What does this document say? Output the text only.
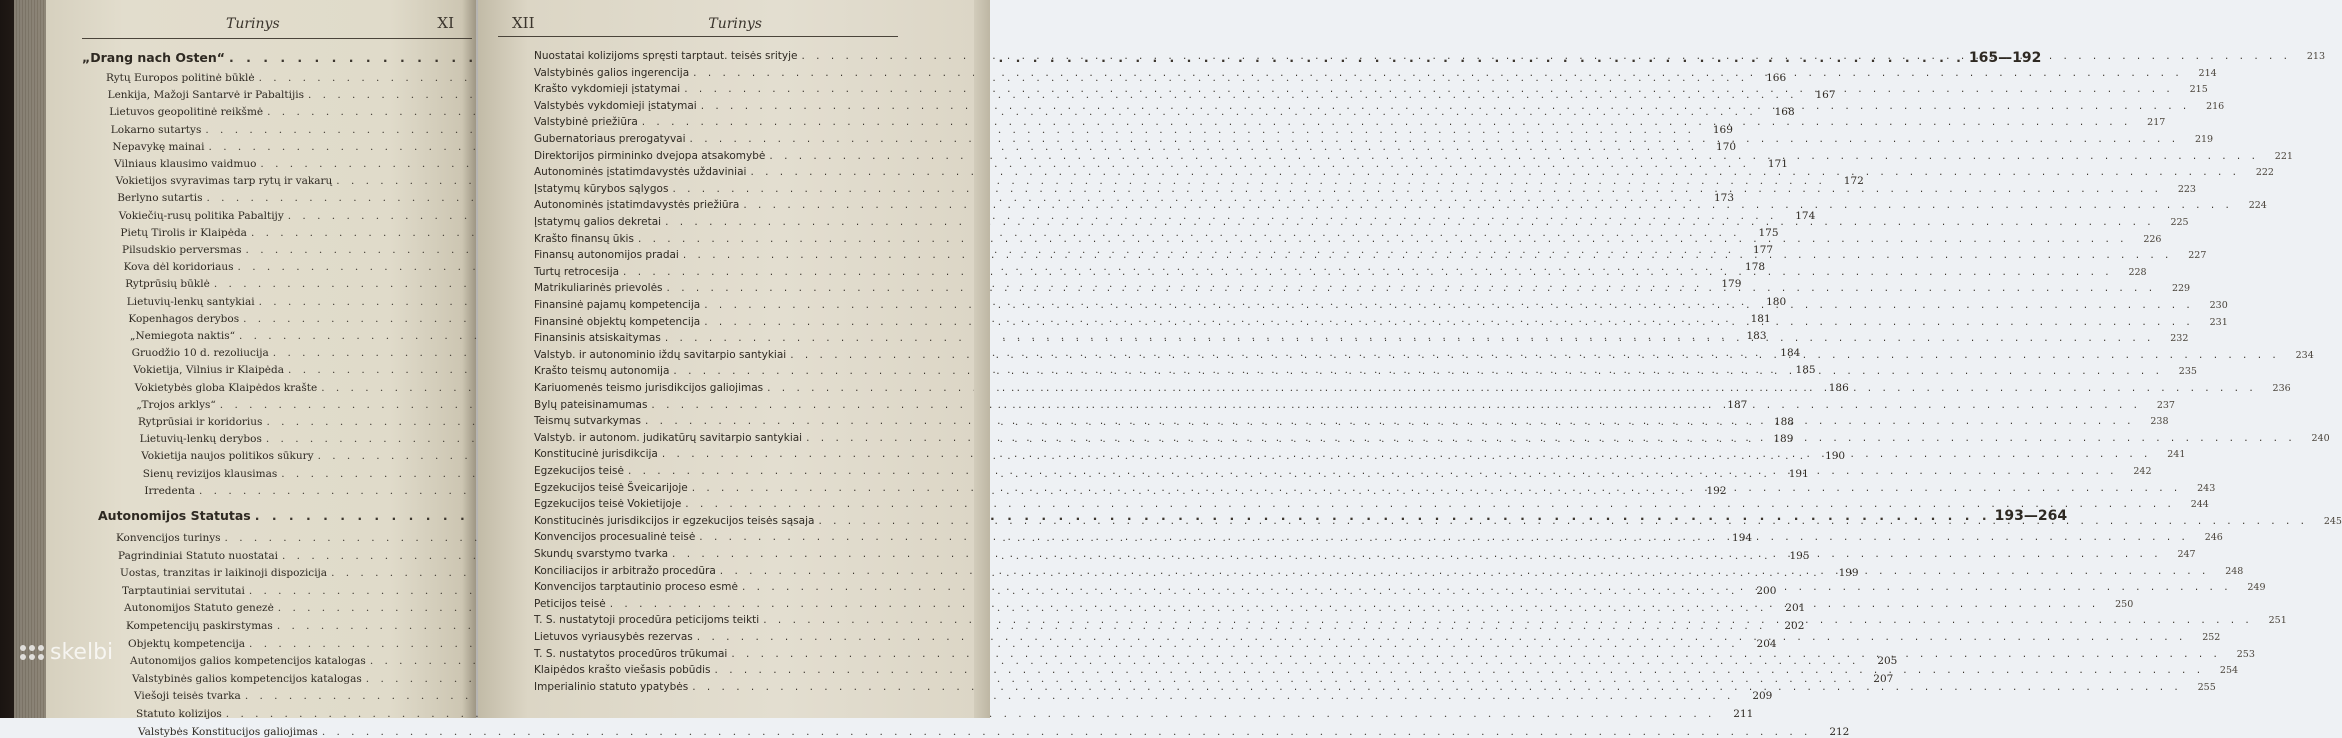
Turinys	XI
„Drang nach Osten“ . . .	165—192
Rytų Europos politinė būklė . . .	166
Lenkija, Mažoji Santarvė ir Pabaltijis . . .	167
Lietuvos geopolitinė reikšmė . . .	168
Lokarno sutartys . . .	169
Nepavykę mainai . . .	170
Vilniaus klausimo vaidmuo . . .	171
Vokietijos svyravimas tarp rytų ir vakarų . . .	172
Berlyno sutartis . . .	173
Vokiečių-rusų politika Pabaltijy . . .	174
Pietų Tirolis ir Klaipėda . . .	175
Pilsudskio perversmas . . .	177
Kova dėl koridoriaus . . .	178
Rytprūsių būklė . . .	179
Lietuvių-lenkų santykiai . . .	180
Kopenhagos derybos . . .	181
„Nemiegota naktis“ . . .	183
Gruodžio 10 d. rezoliucija . . .	184
Vokietija, Vilnius ir Klaipėda . . .	185
Vokietybės globa Klaipėdos krašte . . .	186
„Trojos arklys“ . . .	187
Rytprūsiai ir koridorius . . .	188
Lietuvių-lenkų derybos . . .	189
Vokietija naujos politikos sūkury . . .	190
Sienų revizijos klausimas . . .	191
Irredenta . . .	192
Autonomijos Statutas . . .	193—264
Konvencijos turinys . . .	194
Pagrindiniai Statuto nuostatai . . .	195
Uostas, tranzitas ir laikinoji dispozicija . . .	199
Tarptautiniai servitutai . . .	200
Autonomijos Statuto genezė . . .	201
Kompetencijų paskirstymas . . .	202
Objektų kompetencija . . .	204
Autonomijos galios kompetencijos katalogas . . .	205
Valstybinės galios kompetencijos katalogas . . .	207
Viešoji teisės tvarka . . .	209
Statuto kolizijos . . .	211
Valstybės Konstitucijos galiojimas . . .	212
XII	Turinys
Nuostatai kolizijoms spręsti tarptaut. teisės srityje . . .	213
Valstybinės galios ingerencija . . .	214
Krašto vykdomieji įstatymai . . .	215
Valstybės vykdomieji įstatymai . . .	216
Valstybinė priežiūra . . .	217
Gubernatoriaus prerogatyvai . . .	219
Direktorijos pirmininko dvejopa atsakomybė . . .	221
Autonominės įstatimdavystės uždaviniai . . .	222
Įstatymų kūrybos sąlygos . . .	223
Autonominės įstatimdavystės priežiūra . . .	224
Įstatymų galios dekretai . . .	225
Krašto finansų ūkis . . .	226
Finansų autonomijos pradai . . .	227
Turtų retrocesija . . .	228
Matrikuliarinės prievolės . . .	229
Finansinė pajamų kompetencija . . .	230
Finansinė objektų kompetencija . . .	231
Finansinis atsiskaitymas . . .	232
Valstyb. ir autonominio iždų savitarpio santykiai . . .	234
Krašto teismų autonomija . . .	235
Kariuomenės teismo jurisdikcijos galiojimas . . .	236
Bylų pateisinamumas . . .	237
Teismų sutvarkymas . . .	238
Valstyb. ir autonom. judikatūrų savitarpio santykiai . . .	240
Konstitucinė jurisdikcija . . .	241
Egzekucijos teisė . . .	242
Egzekucijos teisė Šveicarijoje . . .	243
Egzekucijos teisė Vokietijoje . . .	244
Konstitucinės jurisdikcijos ir egzekucijos teisės sąsaja . . .	245
Konvencijos procesualinė teisė . . .	246
Skundų svarstymo tvarka . . .	247
Konciliacijos ir arbitražo procedūra . . .	248
Konvencijos tarptautinio proceso esmė . . .	249
Peticijos teisė . . .	250
T. S. nustatytoji procedūra peticijoms teikti . . .	251
Lietuvos vyriausybės rezervas . . .	252
T. S. nustatytos procedūros trūkumai . . .	253
Klaipėdos krašto viešasis pobūdis . . .	254
Imperialinio statuto ypatybės . . .	255
skelbi
